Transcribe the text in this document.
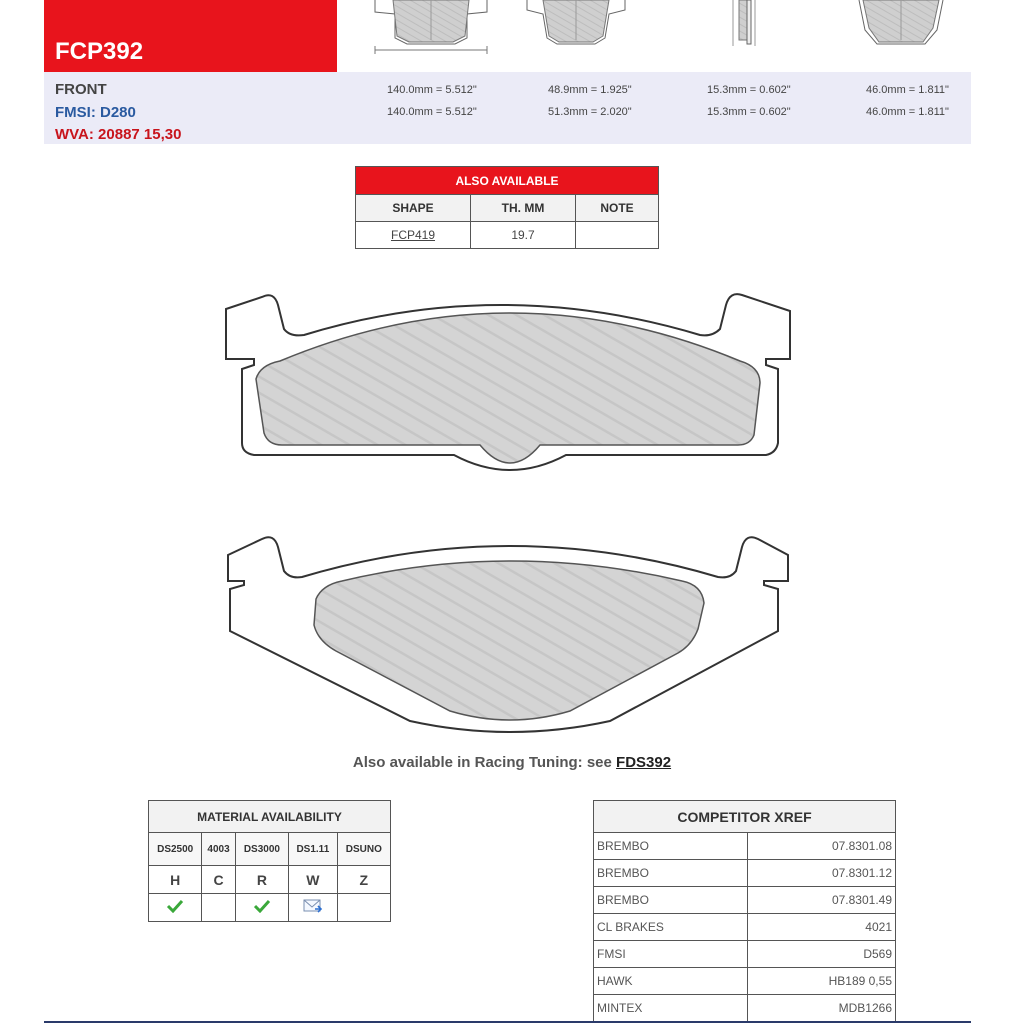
FCP392
FRONT
FMSI: D280
WVA: 20887 15,30
140.0mm = 5.512"	48.9mm = 1.925"	15.3mm = 0.602"	46.0mm = 1.811"
140.0mm = 5.512"	51.3mm = 2.020"	15.3mm = 0.602"	46.0mm = 1.811"
ALSO AVAILABLE		
SHAPE	TH. MM	NOTE
FCP419	19.7	
Also available in Racing Tuning: see FDS392
MATERIAL AVAILABILITY				
DS2500	4003	DS3000	DS1.11	DSUNO
H	C	R	W	Z

COMPETITOR XREF	
BREMBO	07.8301.08
BREMBO	07.8301.12
BREMBO	07.8301.49
CL BRAKES	4021
FMSI	D569
HAWK	HB189 0,55
MINTEX	MDB1266
